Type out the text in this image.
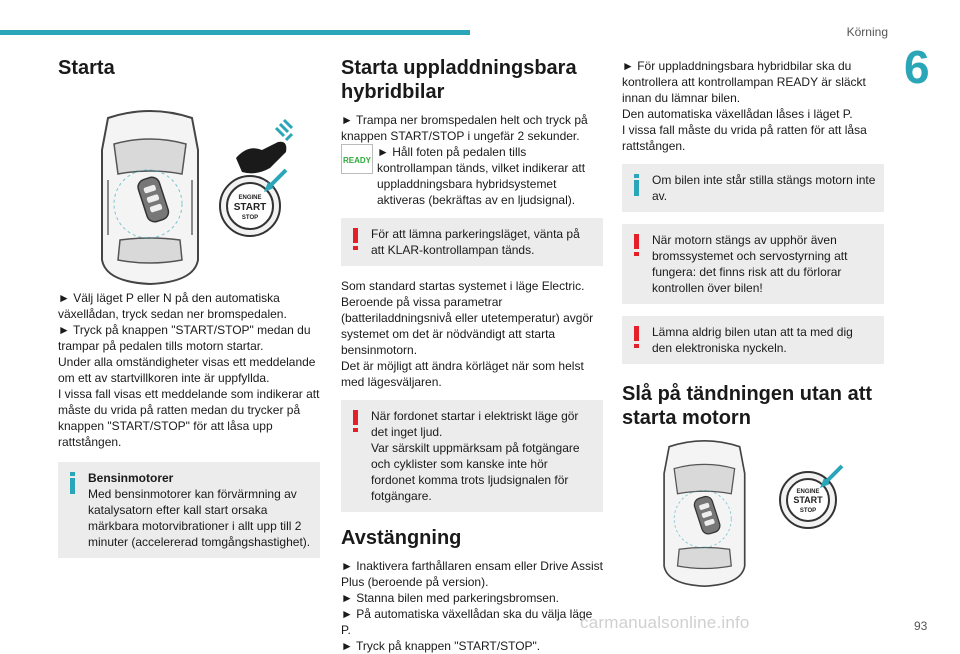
Körning
6
Starta
ENGINE
START
STOP

► Välj läget P eller N på den automatiska växellådan, tryck sedan ner bromspedalen.
► Tryck på knappen "START/STOP" medan du trampar på pedalen tills motorn startar.
Under alla omständigheter visas ett meddelande om ett av startvillkoren inte är uppfyllda.
I vissa fall visas ett meddelande som indikerar att måste du vrida på ratten medan du trycker på knappen "START/STOP" för att låsa upp rattstången.

Bensinmotorer
Med bensinmotorer kan förvärmning av katalysatorn efter kall start orsaka märkbara motorvibrationer i allt upp till 2 minuter (accelererad tomgångshastighet).
Starta uppladdningsbara hybridbilar

► Trampa ner bromspedalen helt och tryck på knappen START/STOP i ungefär 2 sekunder.

READY

► Håll foten på pedalen tills kontrollampan tänds, vilket indikerar att uppladdningsbara hybridsystemet aktiveras (bekräftas av en ljudsignal).

För att lämna parkeringsläget, vänta på att KLAR-kontrollampan tänds.

Som standard startas systemet i läge Electric. Beroende på vissa parametrar (batteriladdningsnivå eller utetemperatur) avgör systemet om det är nödvändigt att starta bensinmotorn.
Det är möjligt att ändra körläget när som helst med lägesväljaren.

När fordonet startar i elektriskt läge gör det inget ljud.
Var särskilt uppmärksam på fotgängare och cyklister som kanske inte hör fordonet komma trots ljudsignalen för fotgängare.
Avstängning

► Inaktivera farthållaren ensam eller Drive Assist Plus (beroende på version).
► Stanna bilen med parkeringsbromsen.
► På automatiska växellådan ska du välja läge P.
► Tryck på knappen "START/STOP".

► För uppladdningsbara hybridbilar ska du kontrollera att kontrollampan READY är släckt innan du lämnar bilen.
Den automatiska växellådan låses i läget P.
I vissa fall måste du vrida på ratten för att låsa rattstången.

Om bilen inte står stilla stängs motorn inte av.
När motorn stängs av upphör även bromssystemet och servostyrning att fungera: det finns risk att du förlorar kontrollen över bilen!
Lämna aldrig bilen utan att ta med dig den elektroniska nyckeln.
Slå på tändningen utan att starta motorn
ENGINE
START
STOP
carmanualsonline.info	93
